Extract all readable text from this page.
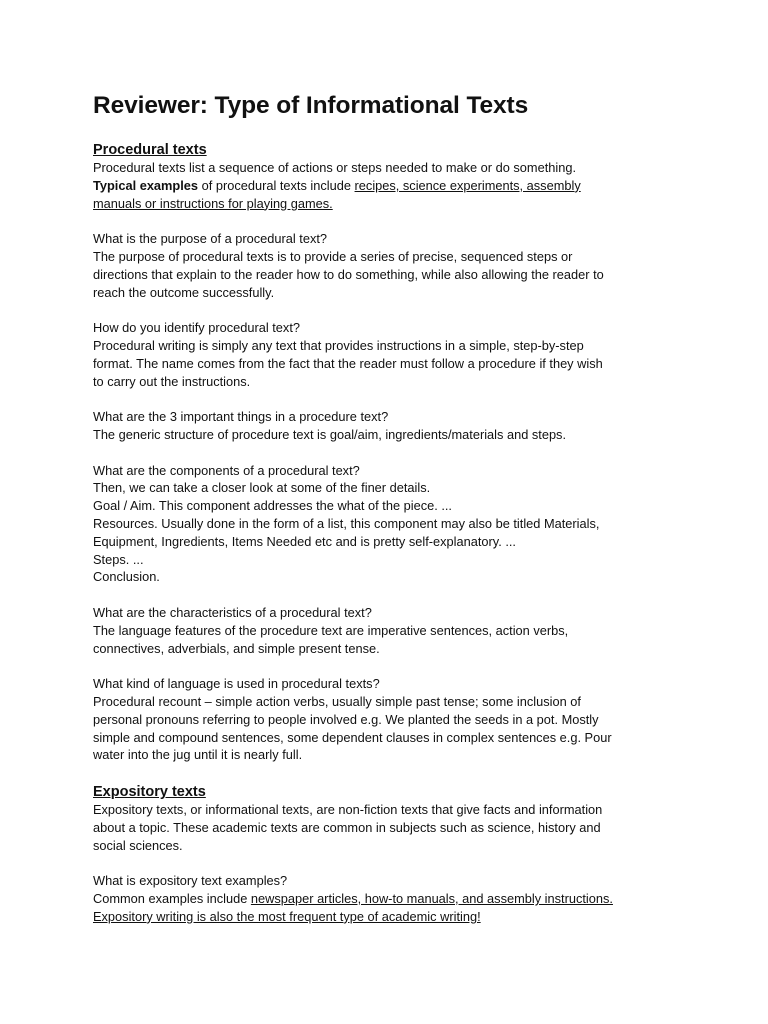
Reviewer: Type of Informational Texts

Procedural texts

Procedural texts list a sequence of actions or steps needed to make or do something.

Typical examples of procedural texts include recipes, science experiments, assembly

manuals or instructions for playing games.

What is the purpose of a procedural text?

The purpose of procedural texts is to provide a series of precise, sequenced steps or

directions that explain to the reader how to do something, while also allowing the reader to

reach the outcome successfully.

How do you identify procedural text?

Procedural writing is simply any text that provides instructions in a simple, step-by-step

format. The name comes from the fact that the reader must follow a procedure if they wish

to carry out the instructions.

What are the 3 important things in a procedure text?

The generic structure of procedure text is goal/aim, ingredients/materials and steps.

What are the components of a procedural text?

Then, we can take a closer look at some of the finer details.

Goal / Aim. This component addresses the what of the piece. ...

Resources. Usually done in the form of a list, this component may also be titled Materials,

Equipment, Ingredients, Items Needed etc and is pretty self-explanatory. ...

Steps. ...

Conclusion.

What are the characteristics of a procedural text?

The language features of the procedure text are imperative sentences, action verbs,

connectives, adverbials, and simple present tense.

What kind of language is used in procedural texts?

Procedural recount – simple action verbs, usually simple past tense; some inclusion of

personal pronouns referring to people involved e.g. We planted the seeds in a pot. Mostly

simple and compound sentences, some dependent clauses in complex sentences e.g. Pour

water into the jug until it is nearly full.

Expository texts

Expository texts, or informational texts, are non-fiction texts that give facts and information

about a topic. These academic texts are common in subjects such as science, history and

social sciences.

What is expository text examples?

Common examples include newspaper articles, how-to manuals, and assembly instructions.

Expository writing is also the most frequent type of academic writing!
